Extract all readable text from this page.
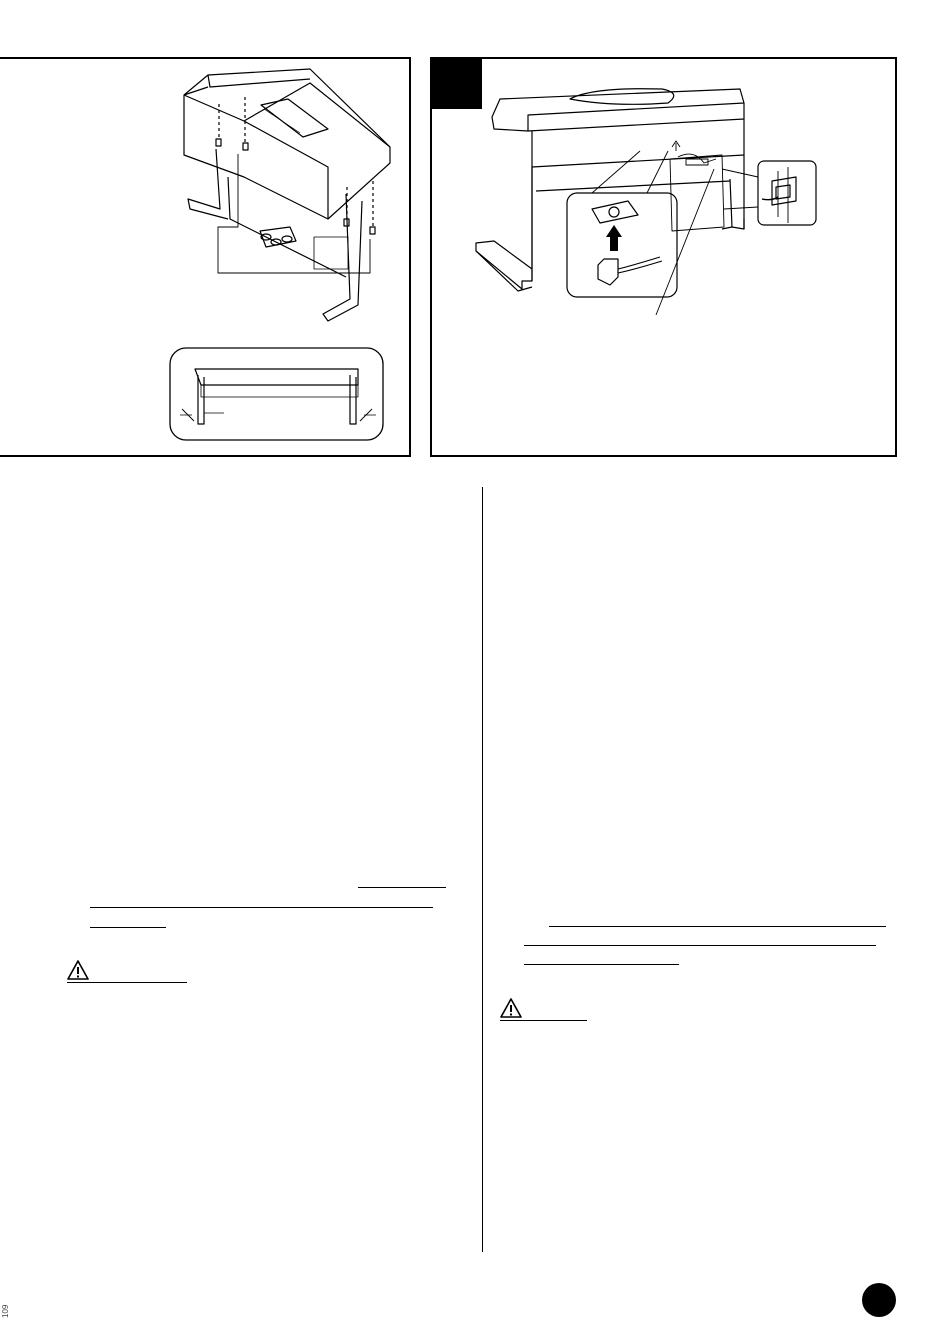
109
